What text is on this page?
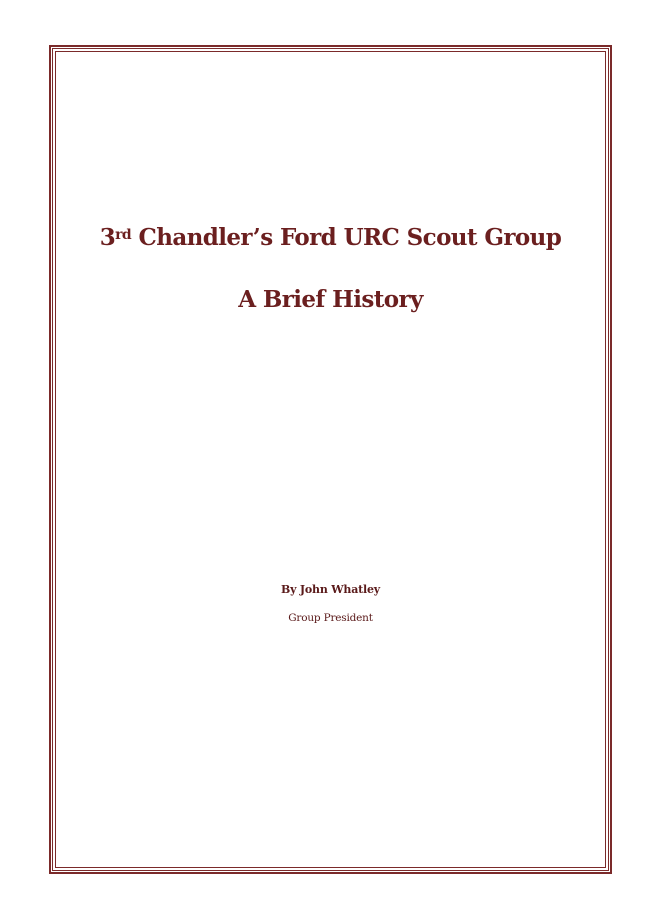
3rd Chandler’s Ford URC Scout Group
A Brief History
By John Whatley
Group President
